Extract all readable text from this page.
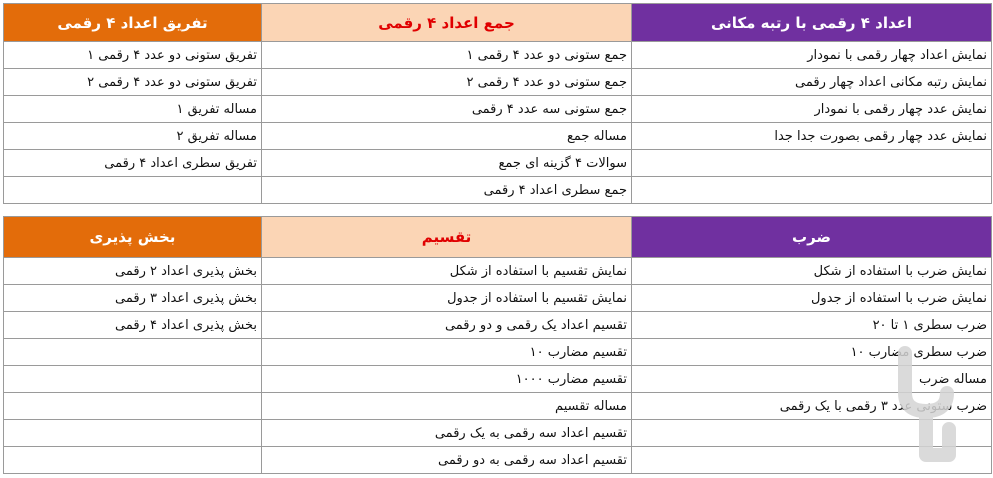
اعداد ۴ رقمی با رتبه مکانی	جمع اعداد ۴ رقمی	تفریق اعداد ۴ رقمی
نمایش اعداد چهار رقمی با نمودار	جمع ستونی دو عدد ۴ رقمی ۱	تفریق ستونی دو عدد ۴ رقمی ۱
نمایش رتبه مکانی اعداد چهار رقمی	جمع ستونی دو عدد ۴ رقمی ۲	تفریق ستونی دو عدد ۴ رقمی ۲
نمایش عدد چهار رقمی با نمودار	جمع ستونی سه عدد ۴ رقمی	مساله تفریق ۱
نمایش عدد چهار رقمی بصورت جدا جدا	مساله جمع	مساله تفریق ۲
	سوالات ۴ گزینه ای جمع	تفریق سطری اعداد ۴ رقمی
	جمع سطری اعداد ۴ رقمی	
ضرب	تقسیم	بخش پذیری
نمایش ضرب با استفاده از شکل	نمایش تقسیم با استفاده از شکل	بخش پذیری اعداد ۲ رقمی
نمایش ضرب با استفاده از جدول	نمایش تقسیم با استفاده از جدول	بخش پذیری اعداد ۳ رقمی
ضرب سطری ۱ تا ۲۰	تقسیم اعداد یک رقمی و دو رقمی	بخش پذیری اعداد ۴ رقمی
ضرب سطری مضارب ۱۰	تقسیم مضارب ۱۰	
مساله ضرب	تقسیم مضارب ۱۰۰۰	
ضرب ستونی عدد ۳ رقمی با یک رقمی	مساله تقسیم	
	تقسیم اعداد سه رقمی به یک رقمی	
	تقسیم اعداد سه رقمی به دو رقمی	
